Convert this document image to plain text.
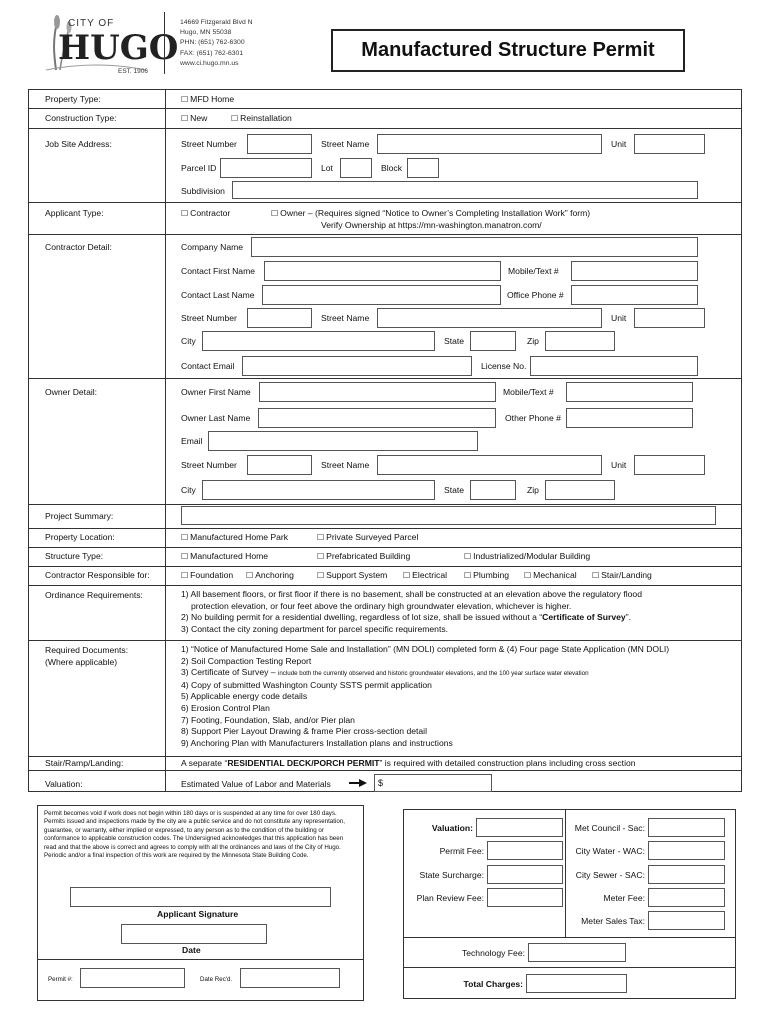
CITY OF
HUGO
EST. 1906
14669 Fitzgerald Blvd N
Hugo, MN 55038
PHN: (651) 762-6300
FAX: (651) 762-6301
www.ci.hugo.mn.us
Manufactured Structure Permit
Property Type:	☐ MFD Home
Construction Type:	☐ New	☐ Reinstallation
Job Site Address:	Street Number	Street Name	Unit
Parcel ID	Lot	Block
Subdivision
Applicant Type:	☐ Contractor	☐ Owner – (Requires signed “Notice to Owner’s Completing Installation Work” form)
Verify Ownership at https://mn-washington.manatron.com/
Contractor Detail:	Company Name
Contact First Name	Mobile/Text #
Contact Last Name	Office Phone #
Street Number	Street Name	Unit
City	State	Zip
Contact Email	License No.
Owner Detail:	Owner First Name	Mobile/Text #
Owner Last Name	Other Phone #
Email
Street Number	Street Name	Unit
City	State	Zip
Project Summary:
Property Location:	☐ Manufactured Home Park	☐ Private Surveyed Parcel
Structure Type:	☐ Manufactured Home	☐ Prefabricated Building	☐ Industrialized/Modular Building
Contractor Responsible for:	☐ Foundation	☐ Anchoring	☐ Support System	☐ Electrical	☐ Plumbing	☐ Mechanical	☐ Stair/Landing
Ordinance Requirements:	1) All basement floors, or first floor if there is no basement, shall be constructed at an elevation above the regulatory flood
protection elevation, or four feet above the ordinary high groundwater elevation, whichever is higher.
2) No building permit for a residential dwelling, regardless of lot size, shall be issued without a “Certificate of Survey”.
3) Contact the city zoning department for parcel specific requirements.
Required Documents:
(Where applicable)
1) “Notice of Manufactured Home Sale and Installation” (MN DOLI) completed form & (4) Four page State Application (MN DOLI)
2) Soil Compaction Testing Report
3) Certificate of Survey – include both the currently observed and historic groundwater elevations, and the 100 year surface water elevation
4) Copy of submitted Washington County SSTS permit application
5) Applicable energy code details
6) Erosion Control Plan
7) Footing, Foundation, Slab, and/or Pier plan
8) Support Pier Layout Drawing & frame Pier cross-section detail
9) Anchoring Plan with Manufacturers Installation plans and instructions
Stair/Ramp/Landing:	A separate “RESIDENTIAL DECK/PORCH PERMIT” is required with detailed construction plans including cross section
Valuation:	Estimated Value of Labor and Materials	$
Permit becomes void if work does not begin within 180 days or is suspended at any time for over 180 days. Permits issued and inspections made by the city are a public service and do not constitute any representation, guarantee, or warranty, either implied or expressed, to any person as to the condition of the building or conformance to applicable construction codes. The Undersigned acknowledges that this application has been read and that the above is correct and agrees to comply with all the ordinances and laws of the City of Hugo. Periodic and/or a final inspection of this work are required by the Minnesota State Building Code.
Applicant Signature
Date
Permit #:	Date Rec'd.
Valuation:
Permit Fee:
State Surcharge:
Plan Review Fee:
Met Council - Sac:
City Water - WAC:
City Sewer - SAC:
Meter Fee:
Meter Sales Tax:
Technology Fee:
Total Charges:
